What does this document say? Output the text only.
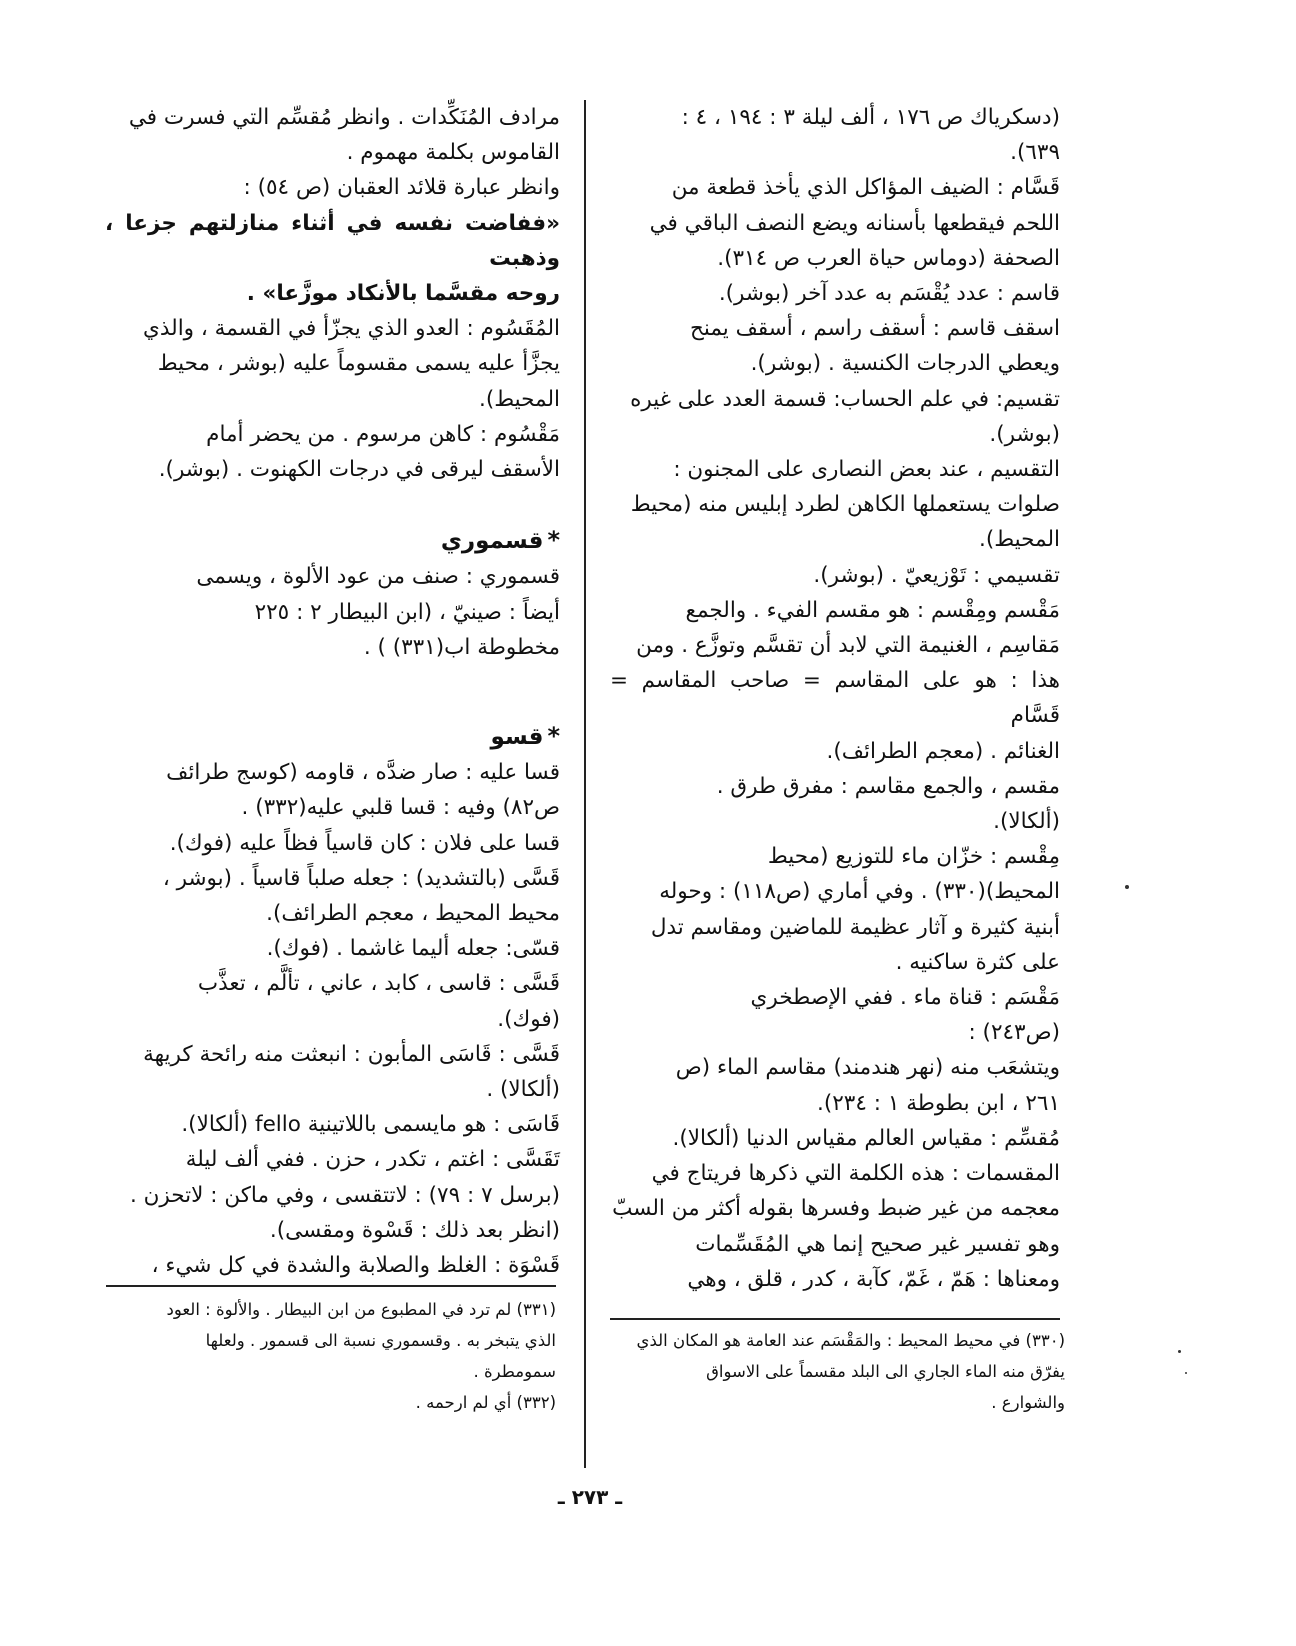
(دسكرياك ص ١٧٦ ، ألف ليلة ٣ : ١٩٤ ، ٤ :
٦٣٩).
قَسَّام : الضيف المؤاكل الذي يأخذ قطعة من
اللحم فيقطعها بأسنانه ويضع النصف الباقي في
الصحفة (دوماس حياة العرب ص ٣١٤).
قاسم : عدد يُقْسَم به عدد آخر (بوشر).
اسقف قاسم : أسقف راسم ، أسقف يمنح
ويعطي الدرجات الكنسية . (بوشر).
تقسيم: في علم الحساب: قسمة العدد على غيره
(بوشر).
التقسيم ، عند بعض النصارى على المجنون :
صلوات يستعملها الكاهن لطرد إبليس منه (محيط
المحيط).
تقسيمي : تَوْزيعيّ . (بوشر).
مَقْسم ومِقْسم : هو مقسم الفيء . والجمع
مَقاسِم ، الغنيمة التي لابد أن تقسَّم وتوزَّع . ومن
هذا : هو على المقاسم = صاحب المقاسم = قَسَّام
الغنائم . (معجم الطرائف).
مقسم ، والجمع مقاسم : مفرق طرق .
(ألكالا).
مِقْسم : خزّان ماء للتوزيع (محيط
المحيط)(٣٣٠) . وفي أماري (ص١١٨) : وحوله
أبنية كثيرة و آثار عظيمة للماضين ومقاسم تدل
على كثرة ساكنيه .
مَقْسَم : قناة ماء . ففي الإصطخري
(ص٢٤٣) :
ويتشعَب منه (نهر هندمند) مقاسم الماء (ص
٢٦١ ، ابن بطوطة ١ : ٢٣٤).
مُقسِّم : مقياس العالم مقياس الدنيا (ألكالا).
المقسمات : هذه الكلمة التي ذكرها فريتاج في
معجمه من غير ضبط وفسرها بقوله أكثر من السبّ
وهو تفسير غير صحيح إنما هي المُقَسِّمات
ومعناها : هَمّ ، غَمّ، كآبة ، كدر ، قلق ، وهي
مرادف المُنَكِّدات . وانظر مُقسِّم التي فسرت في
القاموس بكلمة مهموم .
وانظر عبارة قلائد العقبان (ص ٥٤) :
«ففاضت نفسه في أثناء منازلتهم جزعا ، وذهبت
روحه مقسَّما بالأنكاد موزَّعا» .
المُقَسُوم : العدو الذي يجزّأ في القسمة ، والذي
يجزَّأ عليه يسمى مقسوماً عليه (بوشر ، محيط
المحيط).
مَقْسُوم : كاهن مرسوم . من يحضر أمام
الأسقف ليرقى في درجات الكهنوت . (بوشر).
*قسموري
قسموري : صنف من عود الألوة ، ويسمى
أيضاً : صينيّ ، (ابن البيطار ٢ : ٢٢٥
مخطوطة اب(٣٣١) ) .
*قسو
قسا عليه : صار ضدَّه ، قاومه (كوسج طرائف
ص٨٢) وفيه : قسا قلبي عليه(٣٣٢) .
قسا على فلان : كان قاسياً فظاً عليه (فوك).
قَسَّى (بالتشديد) : جعله صلباً قاسياً . (بوشر ،
محيط المحيط ، معجم الطرائف).
قسّى: جعله أليما غاشما . (فوك).
قَسَّى : قاسى ، كابد ، عاني ، تألَّم ، تعذَّب
(فوك).
قَسَّى : قَاسَى المأبون : انبعثت منه رائحة كريهة
(ألكالا) .
قَاسَى : هو مايسمى باللاتينية fello (ألكالا).
تَقَسَّى : اغتم ، تكدر ، حزن . ففي ألف ليلة
(برسل ٧ : ٧٩) : لاتتقسى ، وفي ماكن : لاتحزن .
(انظر بعد ذلك : قَسْوة ومقسى).
قَسْوَة : الغلظ والصلابة والشدة في كل شيء ،
(٣٣٠) في محيط المحيط : والمَقْسَم عند العامة هو المكان الذي
يفرّق منه الماء الجاري الى البلد مقسماً على الاسواق
والشوارع .
(٣٣١) لم ترد في المطبوع من ابن البيطار . والألوة : العود
الذي يتبخر به . وقسموري نسبة الى قسمور . ولعلها
سمومطرة .
(٣٣٢) أي لم ارحمه .
ـ ٢٧٣ ـ
